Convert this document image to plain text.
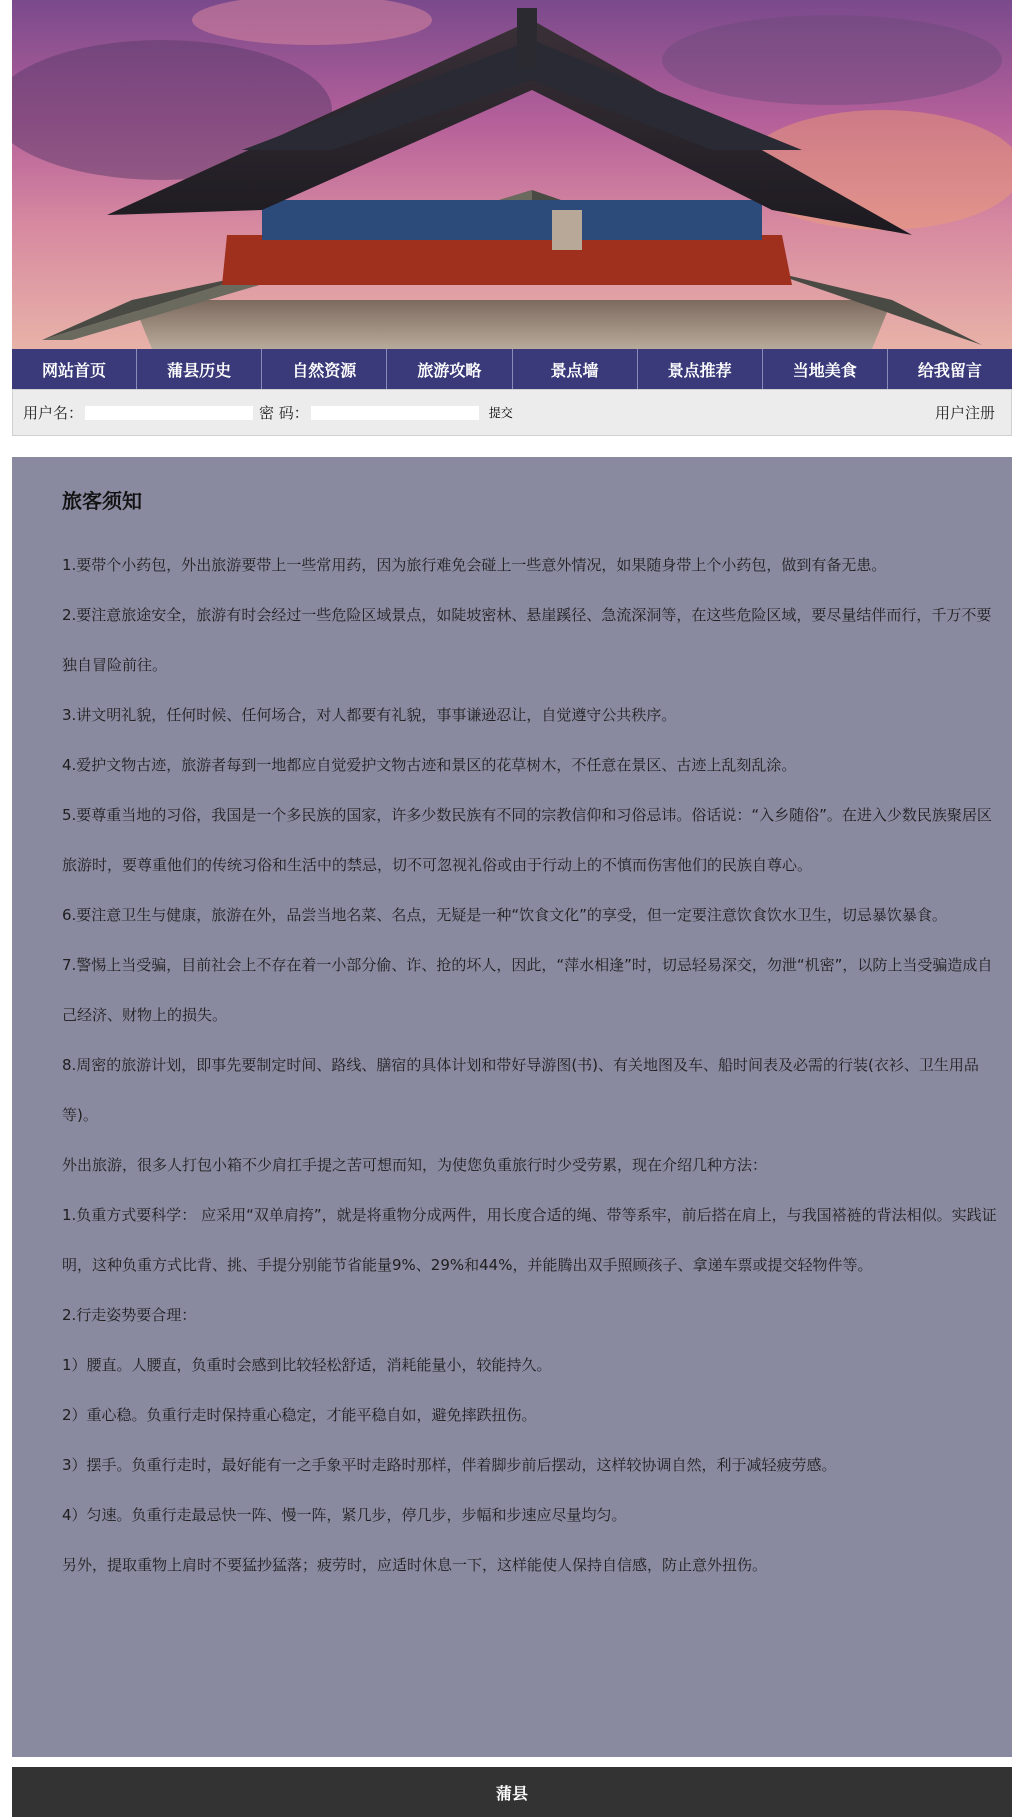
网站首页	蒲县历史	自然资源	旅游攻略	景点墙	景点推荐	当地美食	给我留言
用户名：	密 码：	提交	用户注册
旅客须知

1.要带个小药包，外出旅游要带上一些常用药，因为旅行难免会碰上一些意外情况，如果随身带上个小药包，做到有备无患。

2.要注意旅途安全，旅游有时会经过一些危险区域景点，如陡坡密林、悬崖蹊径、急流深洞等，在这些危险区域，要尽量结伴而行，千万不要独自冒险前往。

3.讲文明礼貌，任何时候、任何场合，对人都要有礼貌，事事谦逊忍让，自觉遵守公共秩序。

4.爱护文物古迹，旅游者每到一地都应自觉爱护文物古迹和景区的花草树木，不任意在景区、古迹上乱刻乱涂。

5.要尊重当地的习俗，我国是一个多民族的国家，许多少数民族有不同的宗教信仰和习俗忌讳。俗话说：“入乡随俗”。在进入少数民族聚居区旅游时，要尊重他们的传统习俗和生活中的禁忌，切不可忽视礼俗或由于行动上的不慎而伤害他们的民族自尊心。

6.要注意卫生与健康，旅游在外，品尝当地名菜、名点，无疑是一种“饮食文化”的享受，但一定要注意饮食饮水卫生，切忌暴饮暴食。

7.警惕上当受骗，目前社会上不存在着一小部分偷、诈、抢的坏人，因此，“萍水相逢”时，切忌轻易深交，勿泄“机密”，以防上当受骗造成自己经济、财物上的损失。

8.周密的旅游计划，即事先要制定时间、路线、膳宿的具体计划和带好导游图(书)、有关地图及车、船时间表及必需的行装(衣衫、卫生用品等)。

外出旅游，很多人打包小箱不少肩扛手提之苦可想而知，为使您负重旅行时少受劳累，现在介绍几种方法：

1.负重方式要科学： 应采用“双单肩挎”，就是将重物分成两件，用长度合适的绳、带等系牢，前后搭在肩上，与我国褡裢的背法相似。实践证明，这种负重方式比背、挑、手提分别能节省能量9%、29%和44%，并能腾出双手照顾孩子、拿递车票或提交轻物件等。

2.行走姿势要合理：

1）腰直。人腰直，负重时会感到比较轻松舒适，消耗能量小，较能持久。

2）重心稳。负重行走时保持重心稳定，才能平稳自如，避免摔跌扭伤。

3）摆手。负重行走时，最好能有一之手象平时走路时那样，伴着脚步前后摆动，这样较协调自然，利于减轻疲劳感。

4）匀速。负重行走最忌快一阵、慢一阵，紧几步，停几步，步幅和步速应尽量均匀。

另外，提取重物上肩时不要猛抄猛落；疲劳时，应适时休息一下，这样能使人保持自信感，防止意外扭伤。

蒲县
